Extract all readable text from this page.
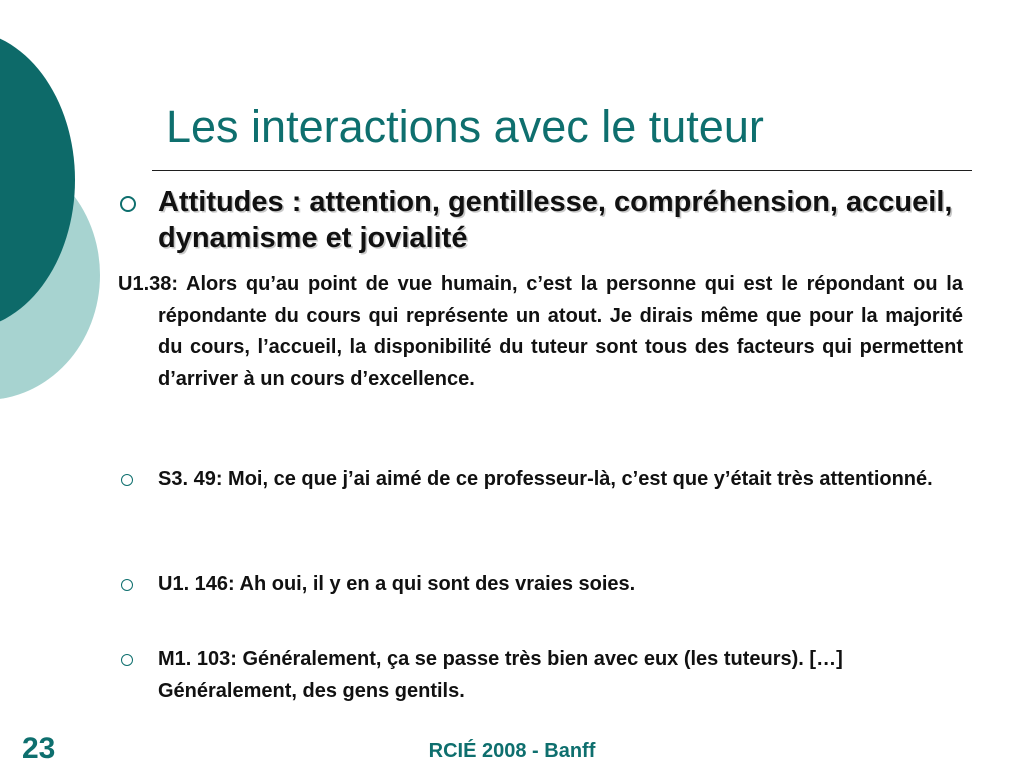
Les interactions avec le tuteur

Attitudes : attention, gentillesse, compréhension, accueil, dynamisme et jovialité

U1.38: Alors qu’au point de vue humain, c’est la personne qui est le répondant ou la répondante du cours qui représente un atout. Je dirais même que pour la majorité du cours, l’accueil, la disponibilité du tuteur sont tous des facteurs qui permettent d’arriver à un cours d’excellence.

S3. 49: Moi, ce que j’ai aimé de ce professeur-là, c’est que y’était très attentionné.

U1. 146: Ah oui, il y en a qui sont des vraies soies.

M1. 103: Généralement, ça se passe très bien avec eux (les tuteurs). […] Généralement, des gens gentils.

23	RCIÉ 2008 - Banff
